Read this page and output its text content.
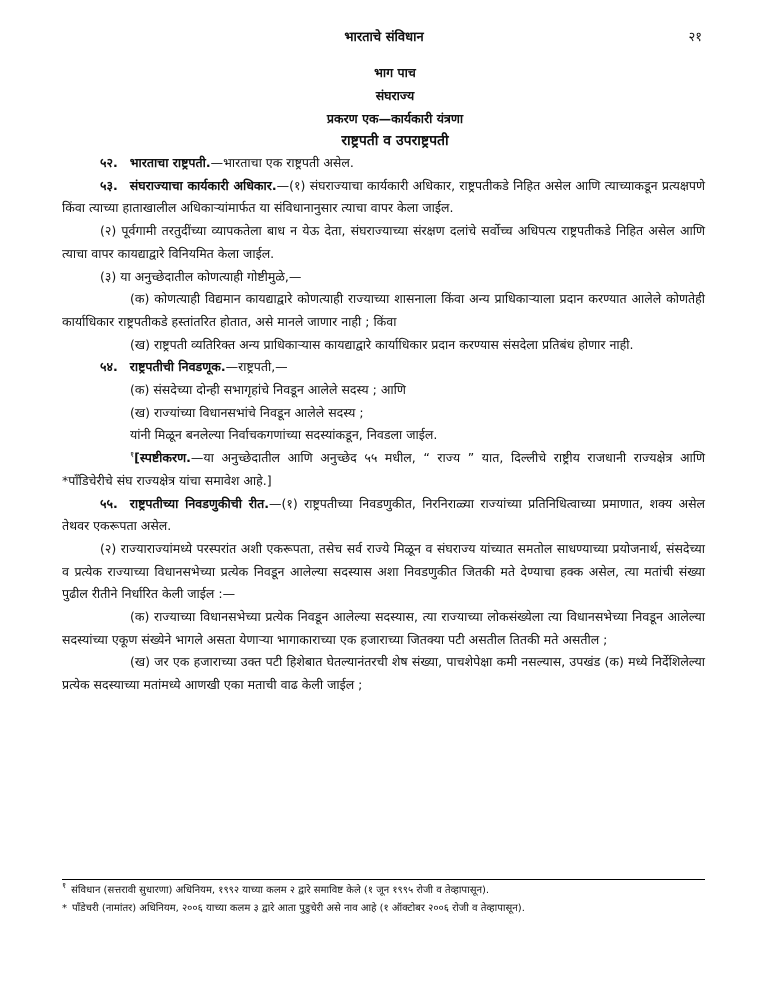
भारताचे संविधान	२१
भाग पाच
संघराज्य
प्रकरण एक—कार्यकारी यंत्रणा
राष्ट्रपती व उपराष्ट्रपती

५२. भारताचा राष्ट्रपती.—भारताचा एक राष्ट्रपती असेल.

५३. संघराज्याचा कार्यकारी अधिकार.—(१) संघराज्याचा कार्यकारी अधिकार, राष्ट्रपतीकडे निहित असेल आणि त्याच्याकडून प्रत्यक्षपणे किंवा त्याच्या हाताखालील अधिकाऱ्यांमार्फत या संविधानानुसार त्याचा वापर केला जाईल.

(२) पूर्वगामी तरतुदींच्या व्यापकतेला बाध न येऊ देता, संघराज्याच्या संरक्षण दलांचे सर्वोच्च अधिपत्य राष्ट्रपतीकडे निहित असेल आणि त्याचा वापर कायद्याद्वारे विनियमित केला जाईल.

(३) या अनुच्छेदातील कोणत्याही गोष्टीमुळे,—

(क) कोणत्याही विद्यमान कायद्याद्वारे कोणत्याही राज्याच्या शासनाला किंवा अन्य प्राधिकाऱ्याला प्रदान करण्यात आलेले कोणतेही कार्याधिकार राष्ट्रपतीकडे हस्तांतरित होतात, असे मानले जाणार नाही ; किंवा

(ख) राष्ट्रपती व्यतिरिक्त अन्य प्राधिकाऱ्यास कायद्याद्वारे कार्याधिकार प्रदान करण्यास संसदेला प्रतिबंध होणार नाही.

५४. राष्ट्रपतीची निवडणूक.—राष्ट्रपती,—

(क) संसदेच्या दोन्ही सभागृहांचे निवडून आलेले सदस्य ; आणि

(ख) राज्यांच्या विधानसभांचे निवडून आलेले सदस्य ;

यांनी मिळून बनलेल्या निर्वाचकगणांच्या सदस्यांकडून, निवडला जाईल.

$^१$[स्पष्टीकरण.—या अनुच्छेदातील आणि अनुच्छेद ५५ मधील, “ राज्य ” यात, दिल्लीचे राष्ट्रीय राजधानी राज्यक्षेत्र आणि *पाँडिचेरीचे संघ राज्यक्षेत्र यांचा समावेश आहे.]

५५. राष्ट्रपतीच्या निवडणुकीची रीत.—(१) राष्ट्रपतीच्या निवडणुकीत, निरनिराळ्या राज्यांच्या प्रतिनिधित्वाच्या प्रमाणात, शक्य असेल तेथवर एकरूपता असेल.

(२) राज्याराज्यांमध्ये परस्परांत अशी एकरूपता, तसेच सर्व राज्ये मिळून व संघराज्य यांच्यात समतोल साधण्याच्या प्रयोजनार्थ, संसदेच्या व प्रत्येक राज्याच्या विधानसभेच्या प्रत्येक निवडून आलेल्या सदस्यास अशा निवडणुकीत जितकी मते देण्याचा हक्क असेल, त्या मतांची संख्या पुढील रीतीने निर्धारित केली जाईल :—

(क) राज्याच्या विधानसभेच्या प्रत्येक निवडून आलेल्या सदस्यास, त्या राज्याच्या लोकसंख्येला त्या विधानसभेच्या निवडून आलेल्या सदस्यांच्या एकूण संख्येने भागले असता येणाऱ्या भागाकाराच्या एक हजाराच्या जितक्या पटी असतील तितकी मते असतील ;

(ख) जर एक हजाराच्या उक्त पटी हिशेबात घेतल्यानंतरची शेष संख्या, पाचशेपेक्षा कमी नसल्यास, उपखंड (क) मध्ये निर्देशिलेल्या प्रत्येक सदस्याच्या मतांमध्ये आणखी एका मताची वाढ केली जाईल ;

१ संविधान (सत्तरावी सुधारणा) अधिनियम, १९९२ याच्या कलम २ द्वारे समाविष्ट केले (१ जून १९९५ रोजी व तेव्हापासून).

* पाँडेचरी (नामांतर) अधिनियम, २००६ याच्या कलम ३ द्वारे आता पुडुचेरी असे नाव आहे (१ ऑक्टोबर २००६ रोजी व तेव्हापासून).
